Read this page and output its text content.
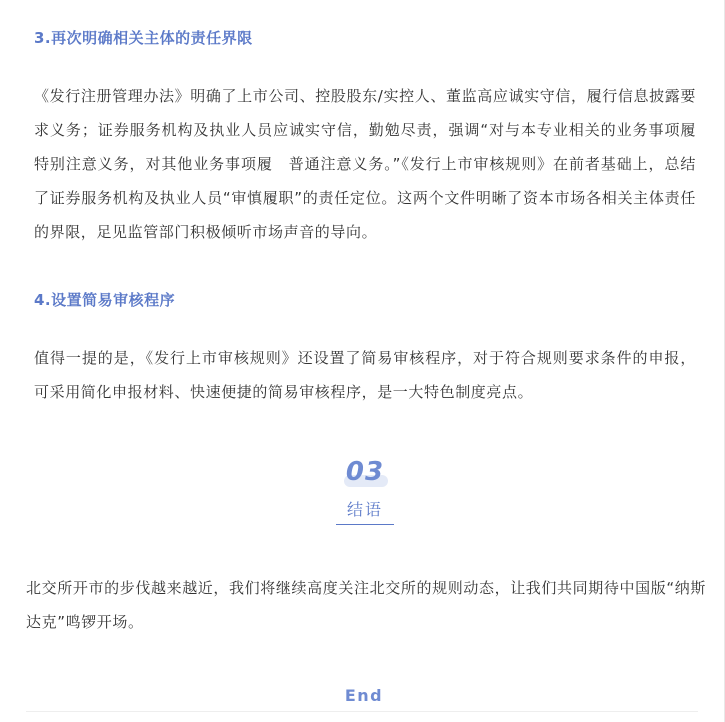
3.再次明确相关主体的责任界限

《发行注册管理办法》明确了上市公司、控股股东/实控人、董监高应诚实守信，履行信息披露要求义务；证券服务机构及执业人员应诚实守信，勤勉尽责，强调“对与本专业相关的业务事项履　特别注意义务，对其他业务事项履　普通注意义务。”《发行上市审核规则》在前者基础上，总结了证券服务机构及执业人员“审慎履职”的责任定位。这两个文件明晰了资本市场各相关主体责任的界限，足见监管部门积极倾听市场声音的导向。

4.设置简易审核程序

值得一提的是，《发行上市审核规则》还设置了简易审核程序，对于符合规则要求条件的申报，可采用简化申报材料、快速便捷的简易审核程序，是一大特色制度亮点。

03
结语

北交所开市的步伐越来越近，我们将继续高度关注北交所的规则动态，让我们共同期待中国版“纳斯达克”鸣锣开场。

End
